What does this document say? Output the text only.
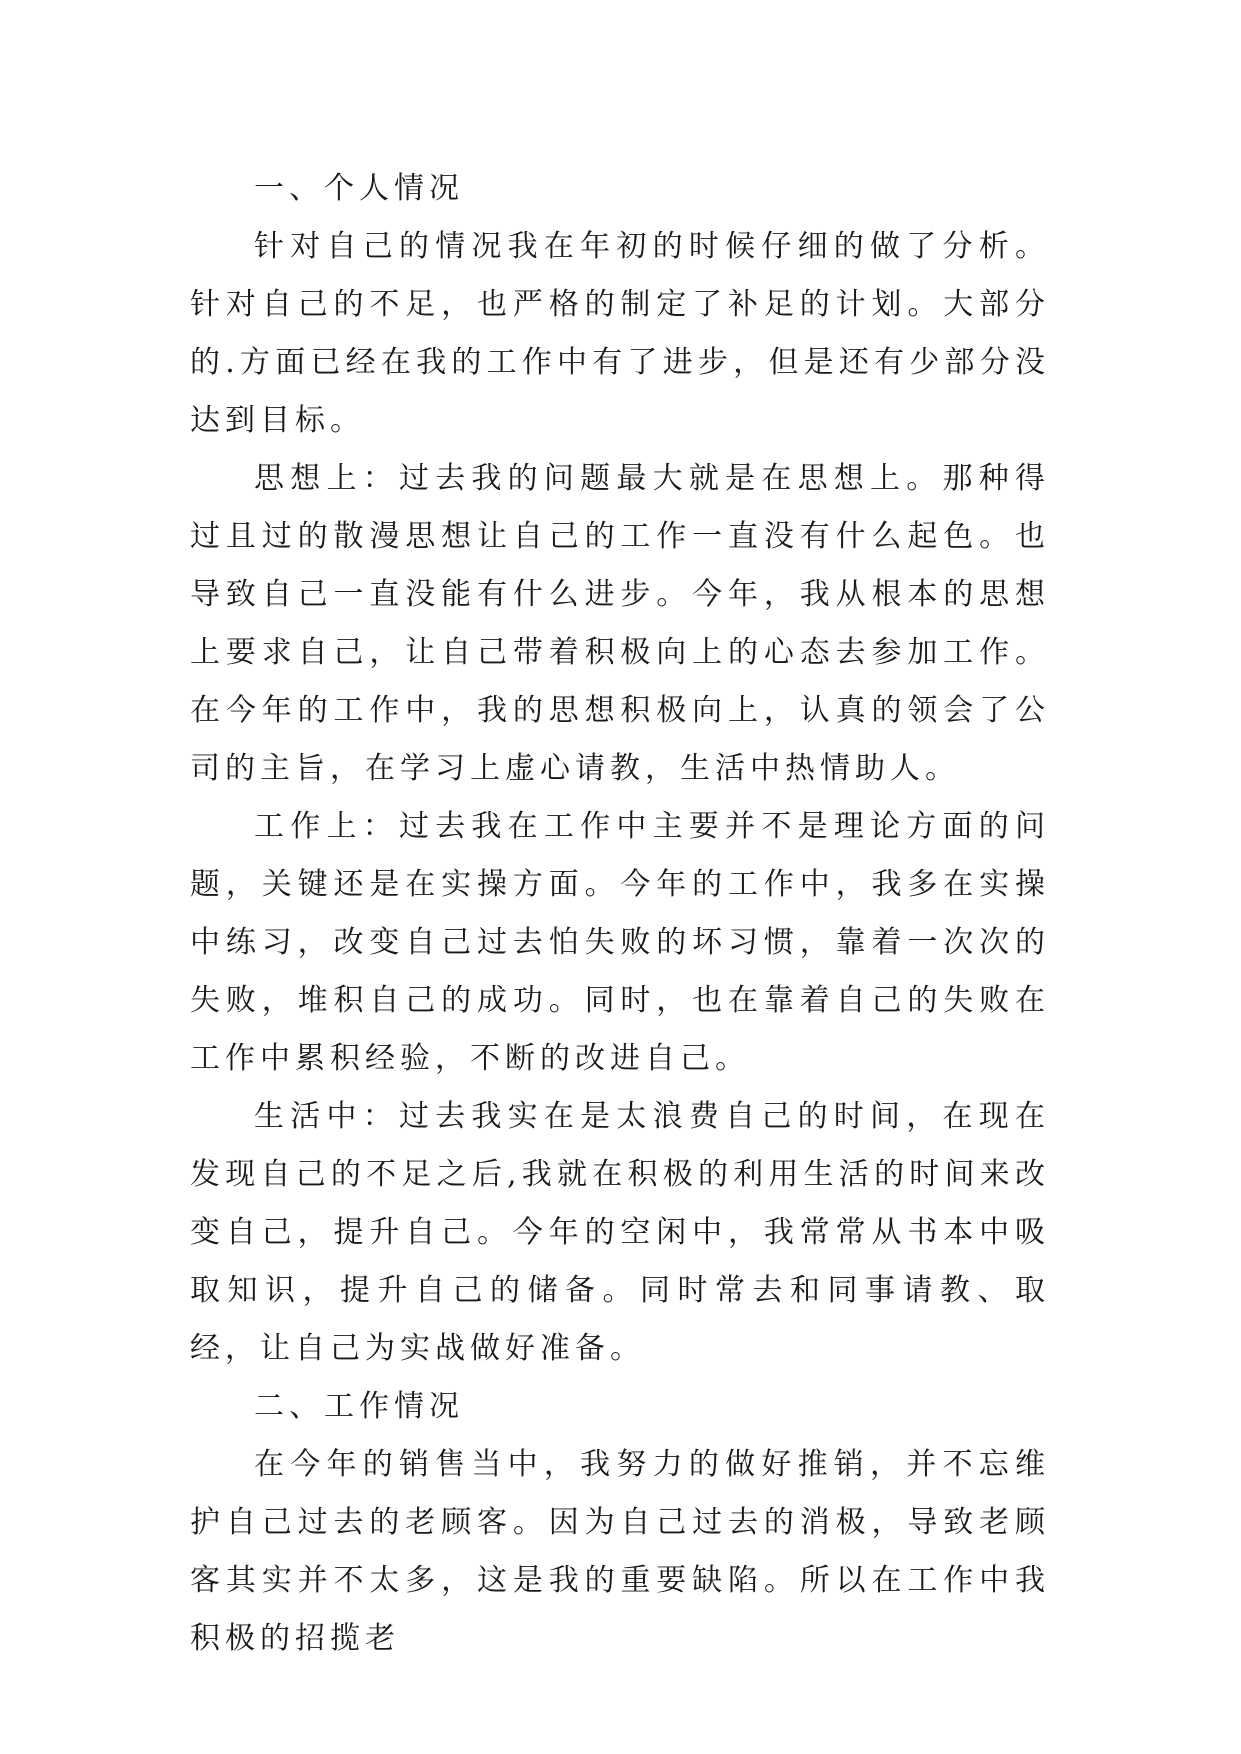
一、个人情况

针对自己的情况我在年初的时候仔细的做了分析。针对自己的不足，也严格的制定了补足的计划。大部分的.方面已经在我的工作中有了进步，但是还有少部分没达到目标。

思想上：过去我的问题最大就是在思想上。那种得过且过的散漫思想让自己的工作一直没有什么起色。也导致自己一直没能有什么进步。今年，我从根本的思想上要求自己，让自己带着积极向上的心态去参加工作。在今年的工作中，我的思想积极向上，认真的领会了公司的主旨，在学习上虚心请教，生活中热情助人。

工作上：过去我在工作中主要并不是理论方面的问题，关键还是在实操方面。今年的工作中，我多在实操中练习，改变自己过去怕失败的坏习惯，靠着一次次的失败，堆积自己的成功。同时，也在靠着自己的失败在工作中累积经验，不断的改进自己。

生活中：过去我实在是太浪费自己的时间，在现在发现自己的不足之后,我就在积极的利用生活的时间来改变自己，提升自己。今年的空闲中，我常常从书本中吸取知识，提升自己的储备。同时常去和同事请教、取经，让自己为实战做好准备。

二、工作情况

在今年的销售当中，我努力的做好推销，并不忘维护自己过去的老顾客。因为自己过去的消极，导致老顾客其实并不太多，这是我的重要缺陷。所以在工作中我积极的招揽老
